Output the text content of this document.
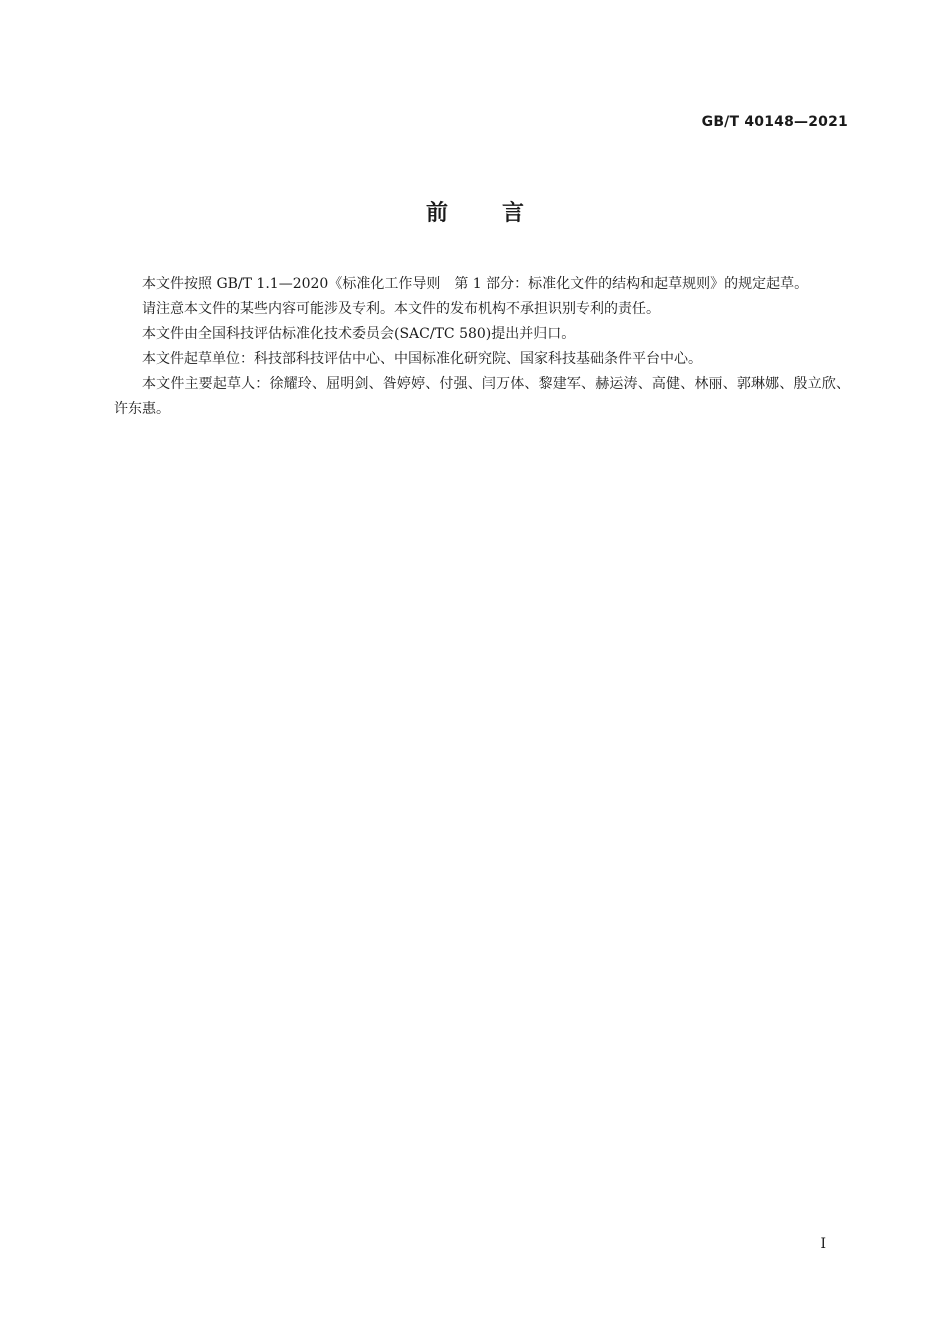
GB/T 40148—2021
前 言

本文件按照 GB/T 1.1—2020《标准化工作导则　第 1 部分：标准化文件的结构和起草规则》的规定起草。

请注意本文件的某些内容可能涉及专利。本文件的发布机构不承担识别专利的责任。

本文件由全国科技评估标准化技术委员会(SAC/TC 580)提出并归口。

本文件起草单位：科技部科技评估中心、中国标准化研究院、国家科技基础条件平台中心。

本文件主要起草人：徐耀玲、屈明剑、昝婷婷、付强、闫万体、黎建军、赫运涛、高健、林丽、郭琳娜、殷立欣、许东惠。

I
